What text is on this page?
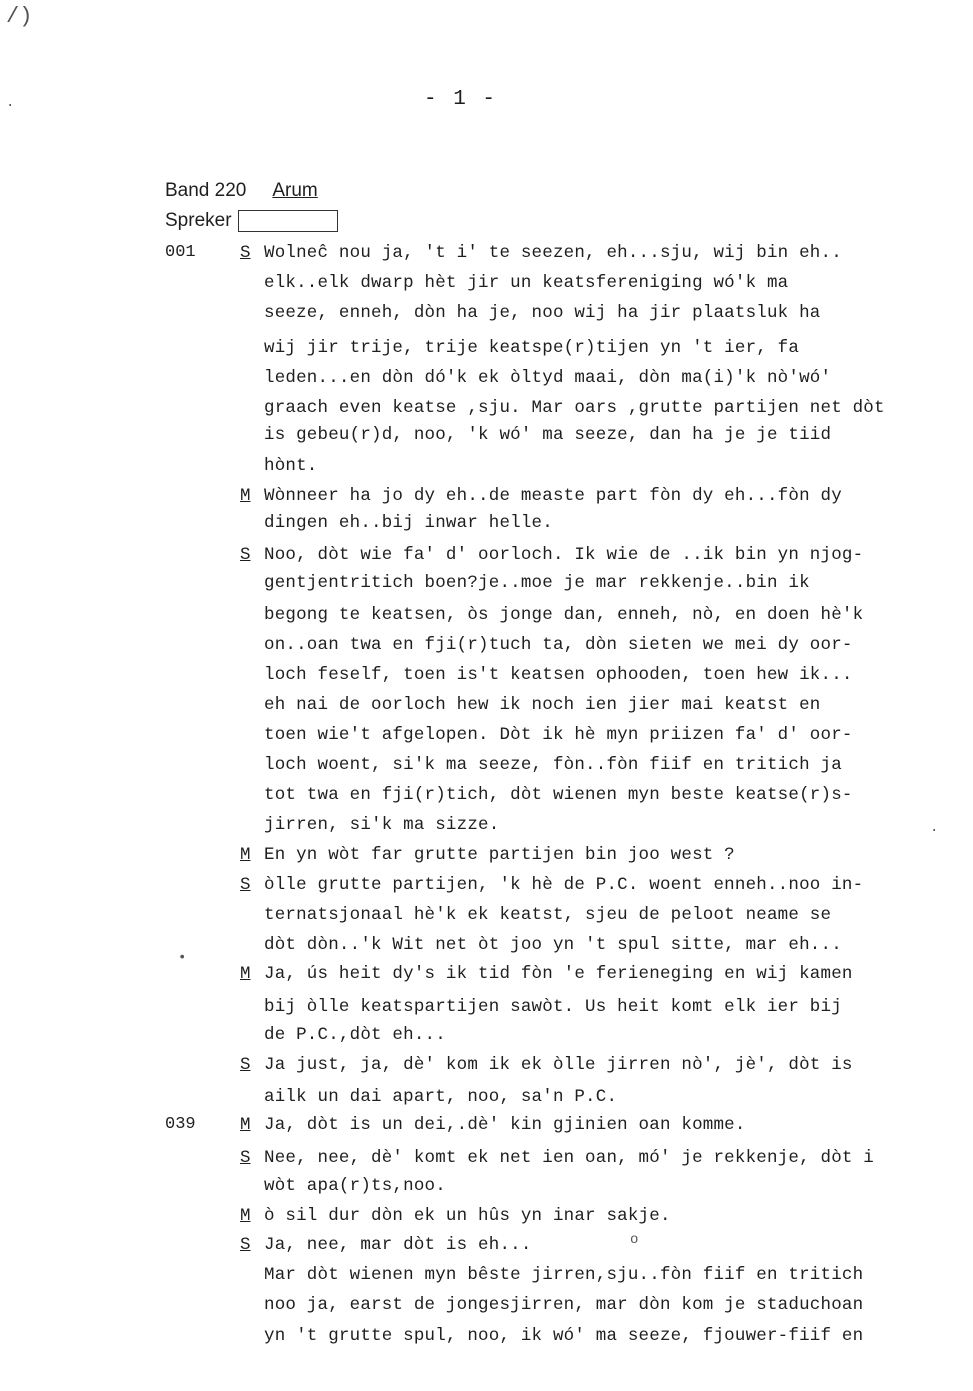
/)
- 1 -
Band 220 Arum
Spreker
001
039
S
M
S
M
S
M
S
M
S
M
S
Wolneĉ nou ja, 't i' te seezen, eh...sju, wij bin eh..
elk..elk dwarp hèt jir un keatsfereniging wó'k ma
seeze, enneh, dòn ha je, noo wij ha jir plaatsluk ha
wij jir trije, trije keatspe(r)tijen yn 't ier, fa
leden...en dòn dó'k ek òltyd maai, dòn ma(i)'k nò'wó'
graach even keatse ,sju. Mar oars ,grutte partijen net dòt
is gebeu(r)d, noo, 'k wó' ma seeze, dan ha je je tiid
hònt.
Wònneer ha jo dy eh..de measte part fòn dy eh...fòn dy
dingen eh..bij inwar helle.
Noo, dòt wie fa' d' oorloch. Ik wie de ..ik bin yn njog-
gentjentritich boen?je..moe je mar rekkenje..bin ik
begong te keatsen, òs jonge dan, enneh, nò, en doen hè'k
on..oan twa en fji(r)tuch ta, dòn sieten we mei dy oor-
loch feself, toen is't keatsen ophooden, toen hew ik...
eh nai de oorloch hew ik noch ien jier mai keatst en
toen wie't afgelopen. Dòt ik hè myn priizen fa' d' oor-
loch woent, si'k ma seeze, fòn..fòn fiif en tritich ja
tot twa en fji(r)tich, dòt wienen myn beste keatse(r)s-
jirren, si'k ma sizze.
En yn wòt far grutte partijen bin joo west ?
òlle grutte partijen, 'k hè de P.C. woent enneh..noo in-
ternatsjonaal hè'k ek keatst, sjeu de peloot neame se
dòt dòn..'k Wit net òt joo yn 't spul sitte, mar eh...
Ja, ús heit dy's ik tid fòn 'e ferieneging en wij kamen
bij òlle keatspartijen sawòt. Us heit komt elk ier bij
de P.C.,dòt eh...
Ja just, ja, dè' kom ik ek òlle jirren nò', jè', dòt is
ailk un dai apart, noo, sa'n P.C.
Ja, dòt is un dei,.dè' kin gjinien oan komme.
Nee, nee, dè' komt ek net ien oan, mó' je rekkenje, dòt i
wòt apa(r)ts,noo.
ò sil dur dòn ek un hûs yn inar sakje.
Ja, nee, mar dòt is eh...
Mar dòt wienen myn bêste jirren,sju..fòn fiif en tritich
noo ja, earst de jongesjirren, mar dòn kom je staduchoan
yn 't grutte spul, noo, ik wó' ma seeze, fjouwer-fiif en
·
•
.
o
